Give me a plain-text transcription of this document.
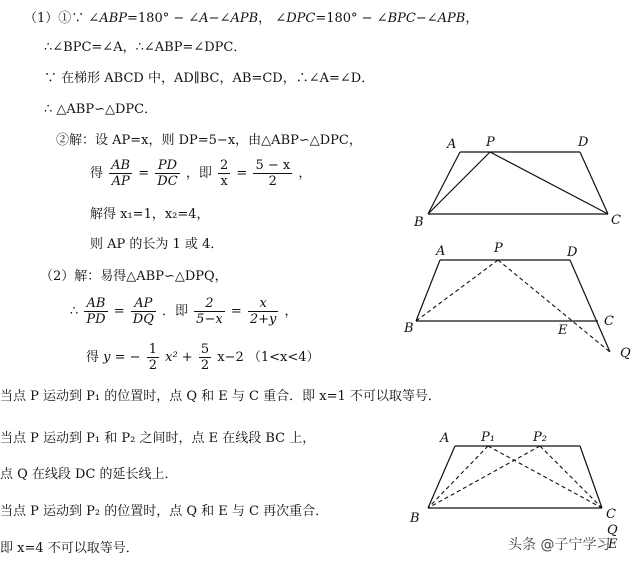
（1）①∵ ∠ABP=180° − ∠A−∠APB， ∠DPC=180° − ∠BPC−∠APB，
∴∠BPC=∠A，∴∠ABP=∠DPC．
∵ 在梯形 ABCD 中，AD∥BC，AB=CD，∴∠A=∠D．
∴ △ABP∽△DPC．
②解：设 AP=x，则 DP=5−x，由△ABP∽△DPC，
得 $\frac{AB}{AP} = \frac{PD}{DC}$ ，即 $\frac{2}{x} = \frac{5 - x}{2}$ ，
解得 x₁=1，x₂=4，
则 AP 的长为 1 或 4．
（2）解：易得△ABP∽△DPQ，
∴ $\frac{AB}{PD} = \frac{AP}{DQ}$ ．即 $\frac{2}{5-x} = \frac{x}{2+y}$ ，
得 y = − $\frac{1}{2} x^2 + \frac{5}{2} x-2$ （1<x<4）
当点 P 运动到 P₁ 的位置时，点 Q 和 E 与 C 重合．即 x=1 不可以取等号．
当点 P 运动到 P₁ 和 P₂ 之间时，点 E 在线段 BC 上，
点 Q 在线段 DC 的延长线上．
当点 P 运动到 P₂ 的位置时，点 Q 和 E 与 C 再次重合．
即 x=4 不可以取等号．
A P	D
B	C
A	P	D
B	E
C
Q
A P₁	P₂
B	C
Q
E
头条 @子宁学习
